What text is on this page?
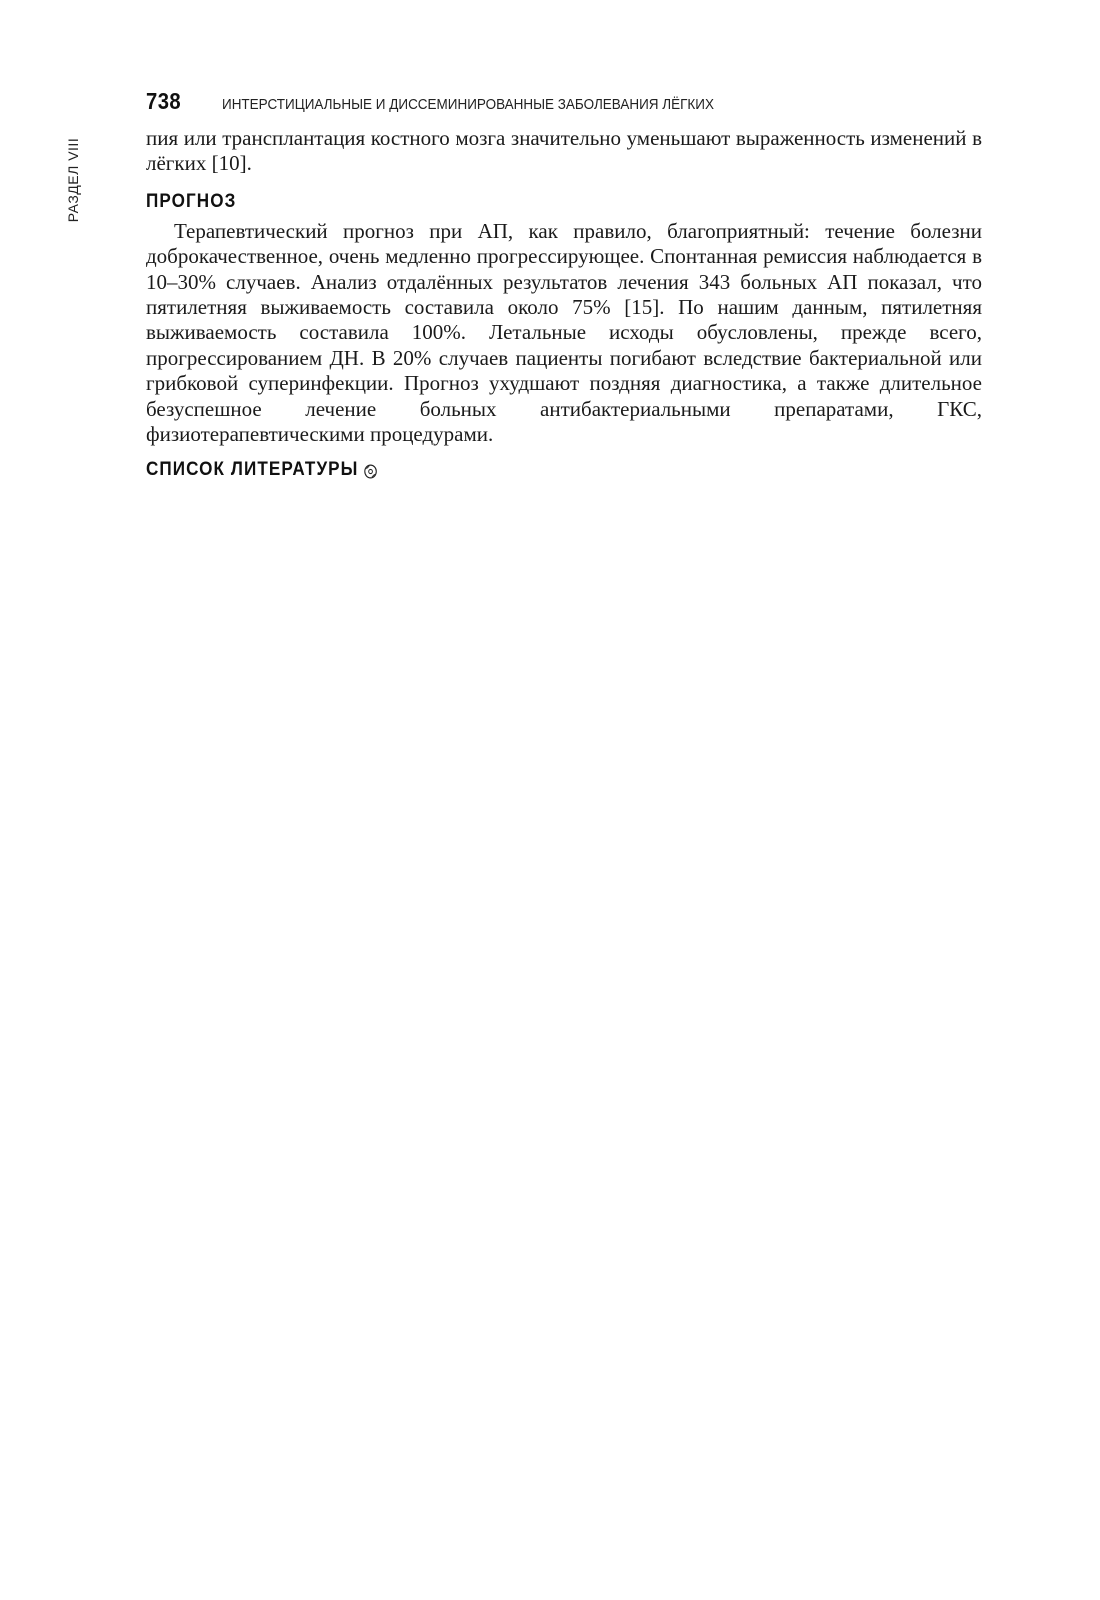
РАЗДЕЛ VIII
738	ИНТЕРСТИЦИАЛЬНЫЕ И ДИССЕМИНИРОВАННЫЕ ЗАБОЛЕВАНИЯ ЛЁГКИХ

пия или трансплантация костного мозга значительно уменьшают выраженность изменений в лёгких [10].

ПРОГНОЗ

Терапевтический прогноз при АП, как правило, благоприятный: течение болезни доброкачественное, очень медленно прогрессирующее. Спонтанная ремиссия наблюдается в 10–30% случаев. Анализ отдалённых результатов лечения 343 больных АП показал, что пятилетняя выживаемость составила около 75% [15]. По нашим данным, пятилетняя выживаемость составила 100%. Летальные исходы обусловлены, прежде всего, прогрессированием ДН. В 20% случаев пациенты погибают вследствие бактериальной или грибковой суперинфекции. Прогноз ухудшают поздняя диагностика, а также длительное безуспешное лечение больных антибактериальными препаратами, ГКС, физиотерапевтическими процедурами.

СПИСОК ЛИТЕРАТУРЫ
